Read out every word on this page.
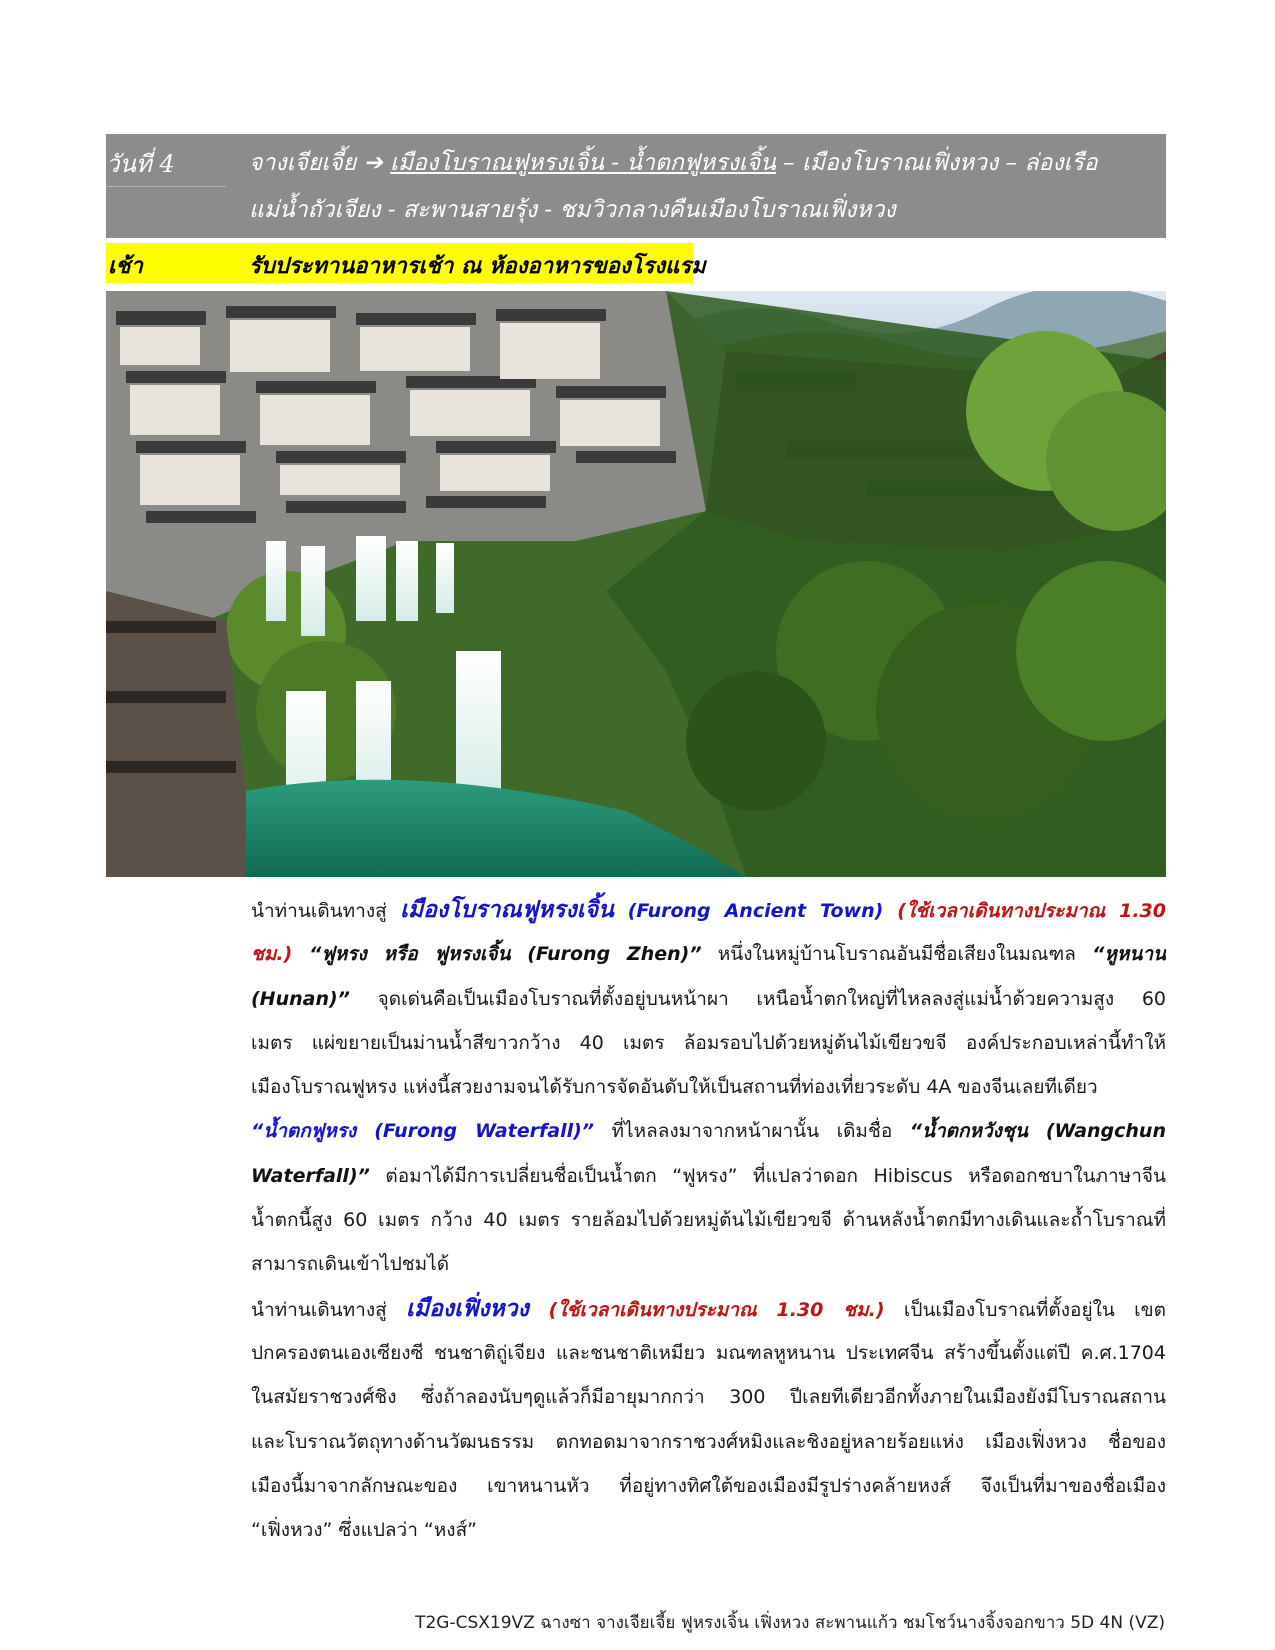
วันที่ 4	จางเจียเจี้ย ➔ เมืองโบราณฟูหรงเจิ้น - น้ำตกฟูหรงเจิ้น – เมืองโบราณเฟิ่งหวง – ล่องเรือ
แม่น้ำถัวเจียง - สะพานสายรุ้ง - ชมวิวกลางคืนเมืองโบราณเฟิ่งหวง
เช้า	รับประทานอาหารเช้า ณ ห้องอาหารของโรงแรม
นำท่านเดินทางสู่ เมืองโบราณฟูหรงเจิ้น (Furong Ancient Town) (ใช้เวลาเดินทางประมาณ 1.30
ชม.) “ฟูหรง หรือ ฟูหรงเจิ้น (Furong Zhen)” หนึ่งในหมู่บ้านโบราณอันมีชื่อเสียงในมณฑล “หูหนาน
(Hunan)” จุดเด่นคือเป็นเมืองโบราณที่ตั้งอยู่บนหน้าผา เหนือน้ำตกใหญ่ที่ไหลลงสู่แม่น้ำด้วยความสูง 60
เมตร แผ่ขยายเป็นม่านน้ำสีขาวกว้าง 40 เมตร ล้อมรอบไปด้วยหมู่ต้นไม้เขียวขจี องค์ประกอบเหล่านี้ทำให้
เมืองโบราณฟูหรง แห่งนี้สวยงามจนได้รับการจัดอันดับให้เป็นสถานที่ท่องเที่ยวระดับ 4A ของจีนเลยทีเดียว
“น้ำตกฟูหรง (Furong Waterfall)” ที่ไหลลงมาจากหน้าผานั้น เดิมชื่อ “น้ำตกหวังชุน (Wangchun
Waterfall)” ต่อมาได้มีการเปลี่ยนชื่อเป็นน้ำตก “ฟูหรง” ที่แปลว่าดอก Hibiscus หรือดอกชบาในภาษาจีน
น้ำตกนี้สูง 60 เมตร กว้าง 40 เมตร รายล้อมไปด้วยหมู่ต้นไม้เขียวขจี ด้านหลังน้ำตกมีทางเดินและถ้ำโบราณที่
สามารถเดินเข้าไปชมได้
นำท่านเดินทางสู่ เมืองเฟิ่งหวง (ใช้เวลาเดินทางประมาณ 1.30 ชม.) เป็นเมืองโบราณที่ตั้งอยู่ใน เขต
ปกครองตนเองเซียงซี ชนชาติถู่เจียง และชนชาติเหมียว มณฑลหูหนาน ประเทศจีน สร้างขึ้นตั้งแต่ปี ค.ศ.1704
ในสมัยราชวงศ์ชิง ซึ่งถ้าลองนับๆดูแล้วก็มีอายุมากกว่า 300 ปีเลยทีเดียวอีกทั้งภายในเมืองยังมีโบราณสถาน
และโบราณวัตถุทางด้านวัฒนธรรม ตกทอดมาจากราชวงศ์หมิงและชิงอยู่หลายร้อยแห่ง เมืองเฟิ่งหวง ชื่อของ
เมืองนี้มาจากลักษณะของ เขาหนานหัว ที่อยู่ทางทิศใต้ของเมืองมีรูปร่างคล้ายหงส์ จึงเป็นที่มาของชื่อเมือง
“เฟิ่งหวง” ซึ่งแปลว่า “หงส์”
T2G-CSX19VZ ฉางซา จางเจียเจี้ย ฟูหรงเจิ้น เฟิ่งหวง สะพานแก้ว ชมโชว์นางจิ้งจอกขาว 5D 4N (VZ)
